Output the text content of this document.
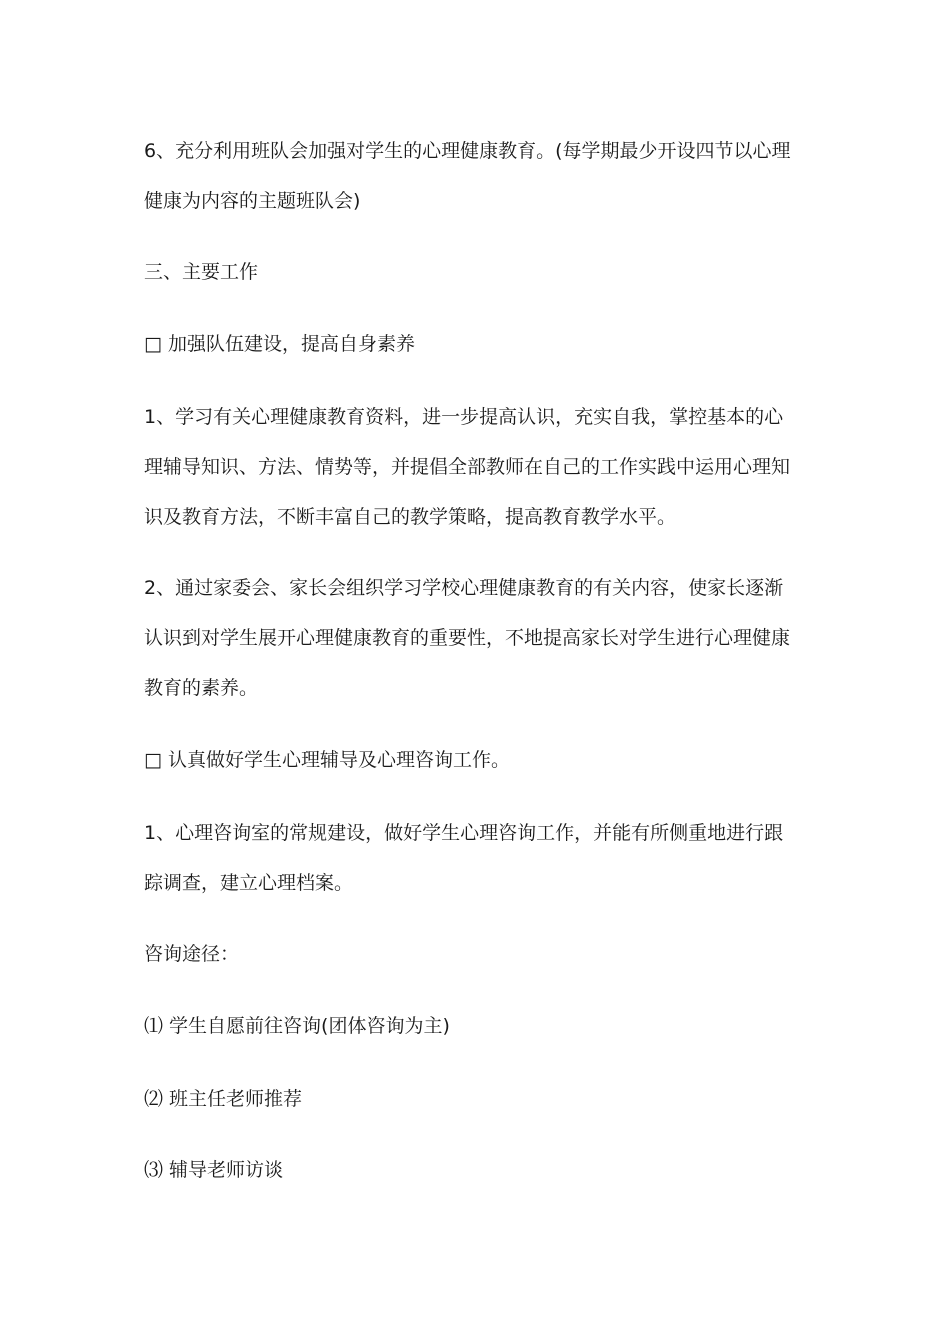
6、充分利用班队会加强对学生的心理健康教育。(每学期最少开设四节以心理
健康为内容的主题班队会)

三、主要工作

□ 加强队伍建设，提高自身素养

1、学习有关心理健康教育资料，进一步提高认识，充实自我，掌控基本的心
理辅导知识、方法、情势等，并提倡全部教师在自己的工作实践中运用心理知
识及教育方法，不断丰富自己的教学策略，提高教育教学水平。

2、通过家委会、家长会组织学习学校心理健康教育的有关内容，使家长逐渐
认识到对学生展开心理健康教育的重要性，不地提高家长对学生进行心理健康
教育的素养。

□ 认真做好学生心理辅导及心理咨询工作。

1、心理咨询室的常规建设，做好学生心理咨询工作，并能有所侧重地进行跟
踪调查，建立心理档案。

咨询途径：

⑴ 学生自愿前往咨询(团体咨询为主)

⑵ 班主任老师推荐

⑶ 辅导老师访谈
